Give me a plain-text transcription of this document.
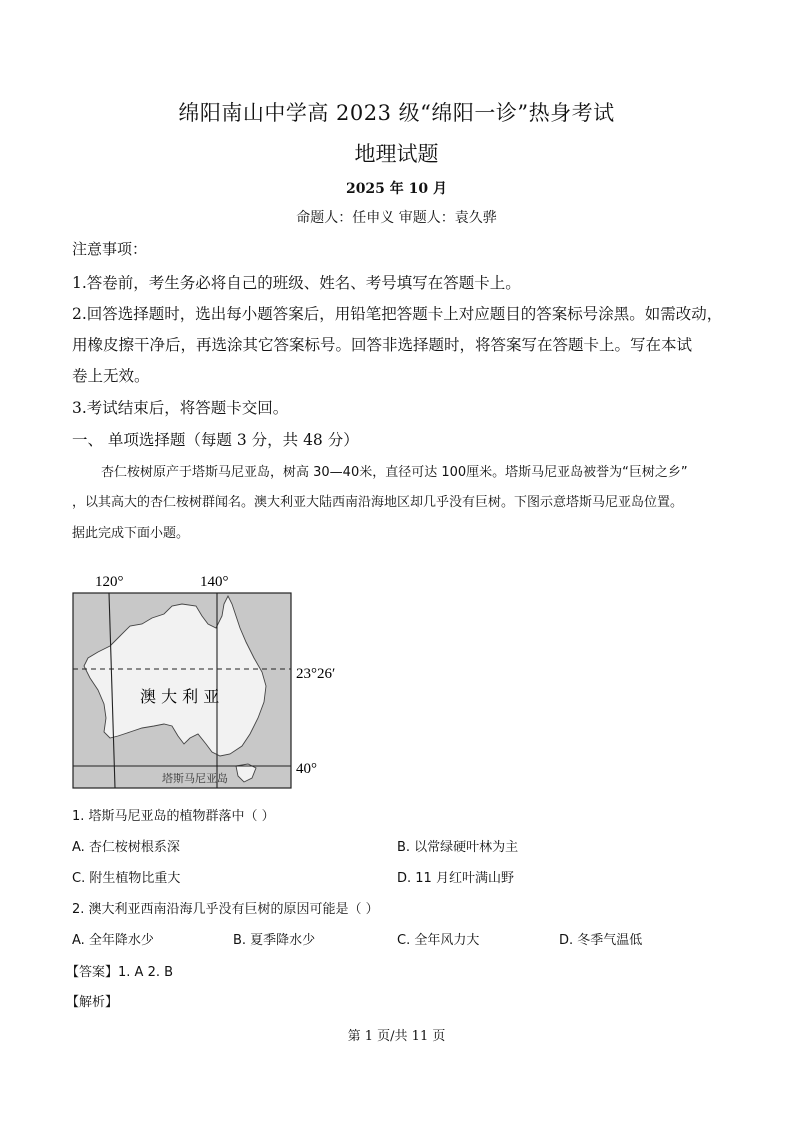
绵阳南山中学高 2023 级“绵阳一诊”热身考试
地理试题
2025 年 10 月
命题人：任申义 审题人：袁久骅
注意事项：
1.答卷前，考生务必将自己的班级、姓名、考号填写在答题卡上。
2.回答选择题时，选出每小题答案后，用铅笔把答题卡上对应题目的答案标号涂黑。如需改动，
用橡皮擦干净后，再选涂其它答案标号。回答非选择题时，将答案写在答题卡上。写在本试
卷上无效。
3.考试结束后，将答题卡交回。
一、 单项选择题（每题 3 分，共 48 分）
杏仁桉树原产于塔斯马尼亚岛，树高 30—40米，直径可达 100厘米。塔斯马尼亚岛被誉为“巨树之乡”
，以其高大的杏仁桉树群闻名。澳大利亚大陆西南沿海地区却几乎没有巨树。下图示意塔斯马尼亚岛位置。
据此完成下面小题。
120°	140°
23°26′
40°
澳 大 利 亚
塔斯马尼亚岛
1. 塔斯马尼亚岛的植物群落中（ ）
A. 杏仁桉树根系深	B. 以常绿硬叶林为主
C. 附生植物比重大	D. 11 月红叶满山野
2. 澳大利亚西南沿海几乎没有巨树的原因可能是（ ）
A. 全年降水少	B. 夏季降水少	C. 全年风力大	D. 冬季气温低
【答案】1. A 2. B
【解析】
第 1 页/共 11 页
